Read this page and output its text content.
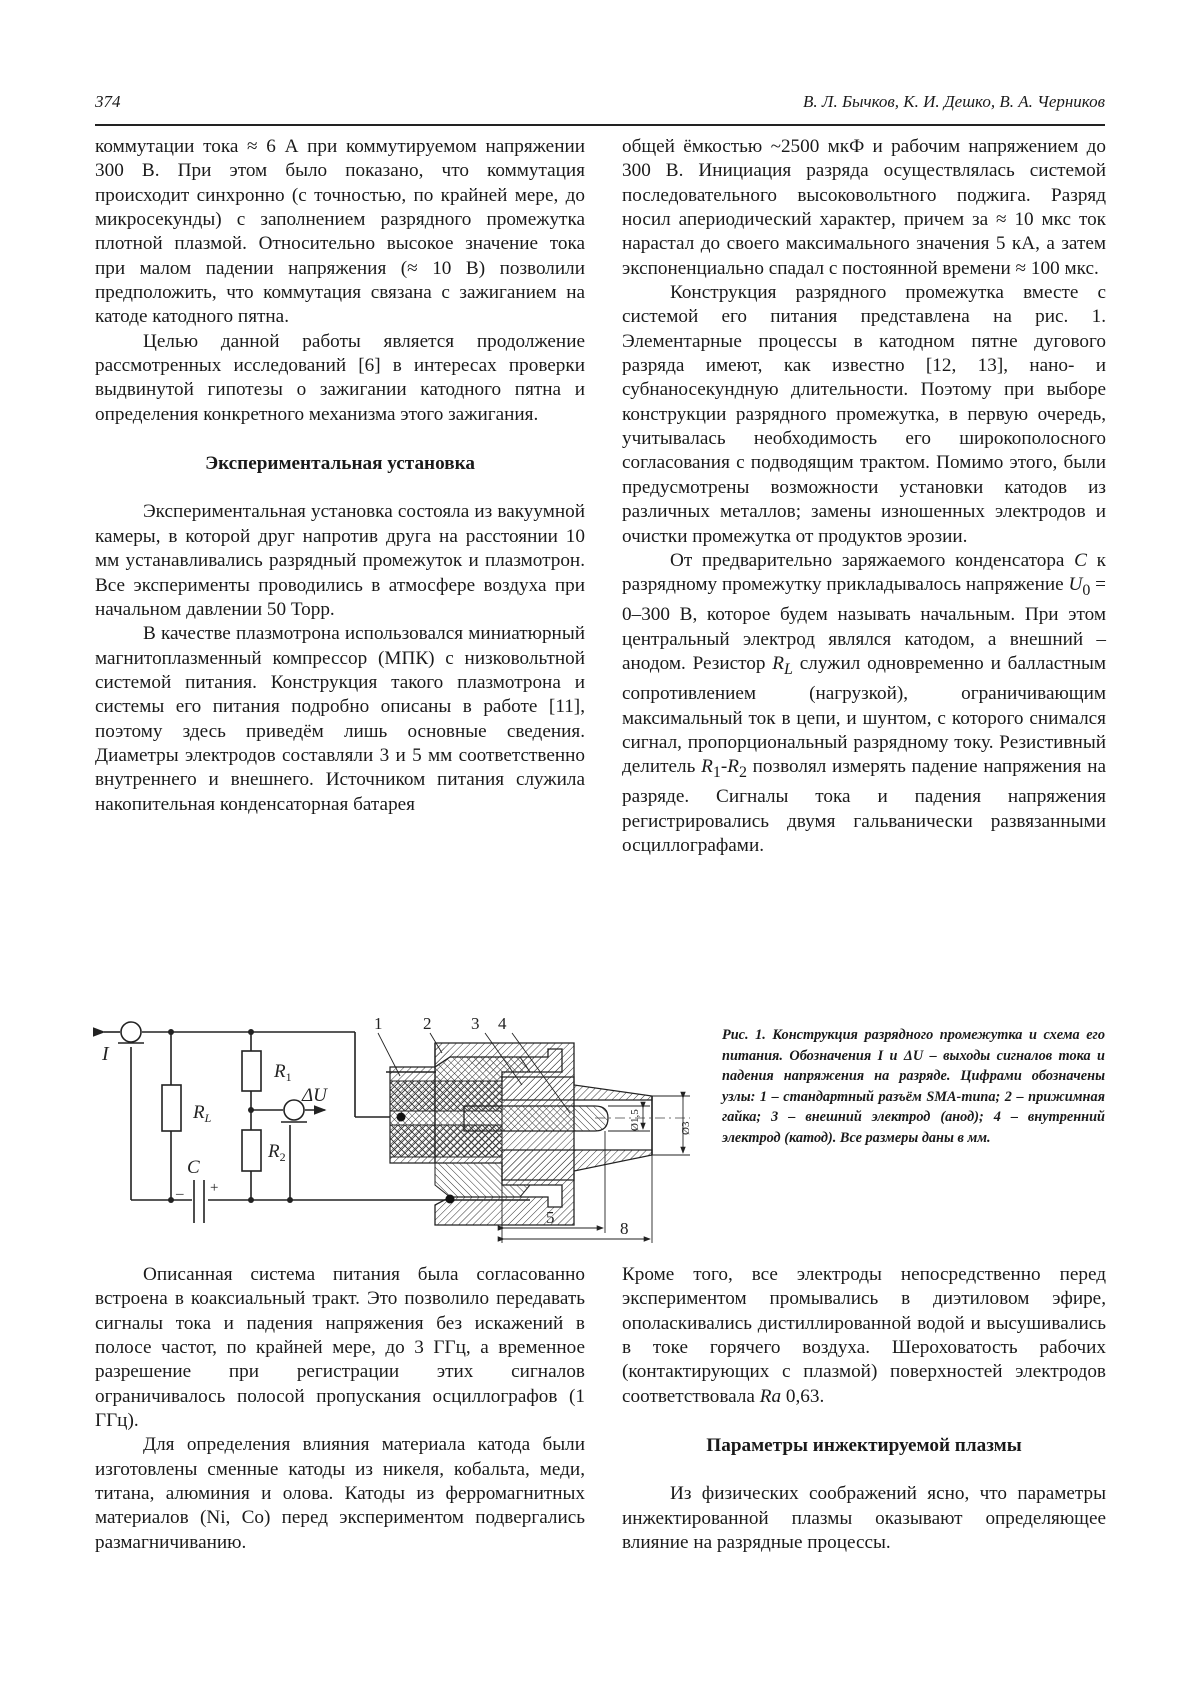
374	В. Л. Бычков, К. И. Дешко, В. А. Черников

коммутации тока ≈ 6 А при коммутируемом напряжении 300 В. При этом было показано, что коммутация происходит синхронно (с точностью, по крайней мере, до микросекунды) с заполнением разрядного промежутка плотной плазмой. Относительно высокое значение тока при малом падении напряжения (≈ 10 В) позволили предположить, что коммутация связана с зажиганием на катоде катодного пятна.

Целью данной работы является продолжение рассмотренных исследований [6] в интересах проверки выдвинутой гипотезы о зажигании катодного пятна и определения конкретного механизма этого зажигания.

Экспериментальная установка

Экспериментальная установка состояла из вакуумной камеры, в которой друг напротив друга на расстоянии 10 мм устанавливались разрядный промежуток и плазмотрон. Все эксперименты проводились в атмосфере воздуха при начальном давлении 50 Торр.

В качестве плазмотрона использовался миниатюрный магнитоплазменный компрессор (МПК) с низковольтной системой питания. Конструкция такого плазмотрона и системы его питания подробно описаны в работе [11], поэтому здесь приведём лишь основные сведения. Диаметры электродов составляли 3 и 5 мм соответственно внутреннего и внешнего. Источником питания служила накопительная конденсаторная батарея

общей ёмкостью ~2500 мкФ и рабочим напряжением до 300 В. Инициация разряда осуществлялась системой последовательного высоковольтного поджига. Разряд носил апериодический характер, причем за ≈ 10 мкс ток нарастал до своего максимального значения 5 кА, а затем экспоненциально спадал с постоянной времени ≈ 100 мкс.

Конструкция разрядного промежутка вместе с системой его питания представлена на рис. 1. Элементарные процессы в катодном пятне дугового разряда имеют, как известно [12, 13], нано- и субнаносекундную длительности. Поэтому при выборе конструкции разрядного промежутка, в первую очередь, учитывалась необходимость его широкополосного согласования с подводящим трактом. Помимо этого, были предусмотрены возможности установки катодов из различных металлов; замены изношенных электродов и очистки промежутка от продуктов эрозии.

От предварительно заряжаемого конденсатора C к разрядному промежутку прикладывалось напряжение $U_0 = 0-300$ В, которое будем называть начальным. При этом центральный электрод являлся катодом, а внешний – анодом. Резистор $R_L$ служил одновременно и балластным сопротивлением (нагрузкой), ограничивающим максимальный ток в цепи, и шунтом, с которого снимался сигнал, пропорциональный разрядному току. Резистивный делитель $R_1-R_2$ позволял измерять падение напряжения на разряде. Сигналы тока и падения напряжения регистрировались двумя гальванически развязанными осциллографами.

I
$R_L$
$R_1$
$R_2$
ΔU
C
– +
1 2 3 4
5
8
Ø1,5	Ø3
Рис. 1. Конструкция разрядного промежутка и схема его питания. Обозначения I и ΔU – выходы сигналов тока и падения напряжения на разряде. Цифрами обозначены узлы: 1 – стандартный разъём SMA-типа; 2 – прижимная гайка; 3 – внешний электрод (анод); 4 – внутренний электрод (катод). Все размеры даны в мм.

Описанная система питания была согласованно встроена в коаксиальный тракт. Это позволило передавать сигналы тока и падения напряжения без искажений в полосе частот, по крайней мере, до 3 ГГц, а временное разрешение при регистрации этих сигналов ограничивалось полосой пропускания осциллографов (1 ГГц).

Для определения влияния материала катода были изготовлены сменные катоды из никеля, кобальта, меди, титана, алюминия и олова. Катоды из ферромагнитных материалов (Ni, Co) перед экспериментом подвергались размагничиванию.

Кроме того, все электроды непосредственно перед экспериментом промывались в диэтиловом эфире, ополаскивались дистиллированной водой и высушивались в токе горячего воздуха. Шероховатость рабочих (контактирующих с плазмой) поверхностей электродов соответствовала Ra 0,63.

Параметры инжектируемой плазмы

Из физических соображений ясно, что параметры инжектированной плазмы оказывают определяющее влияние на разрядные процессы.
